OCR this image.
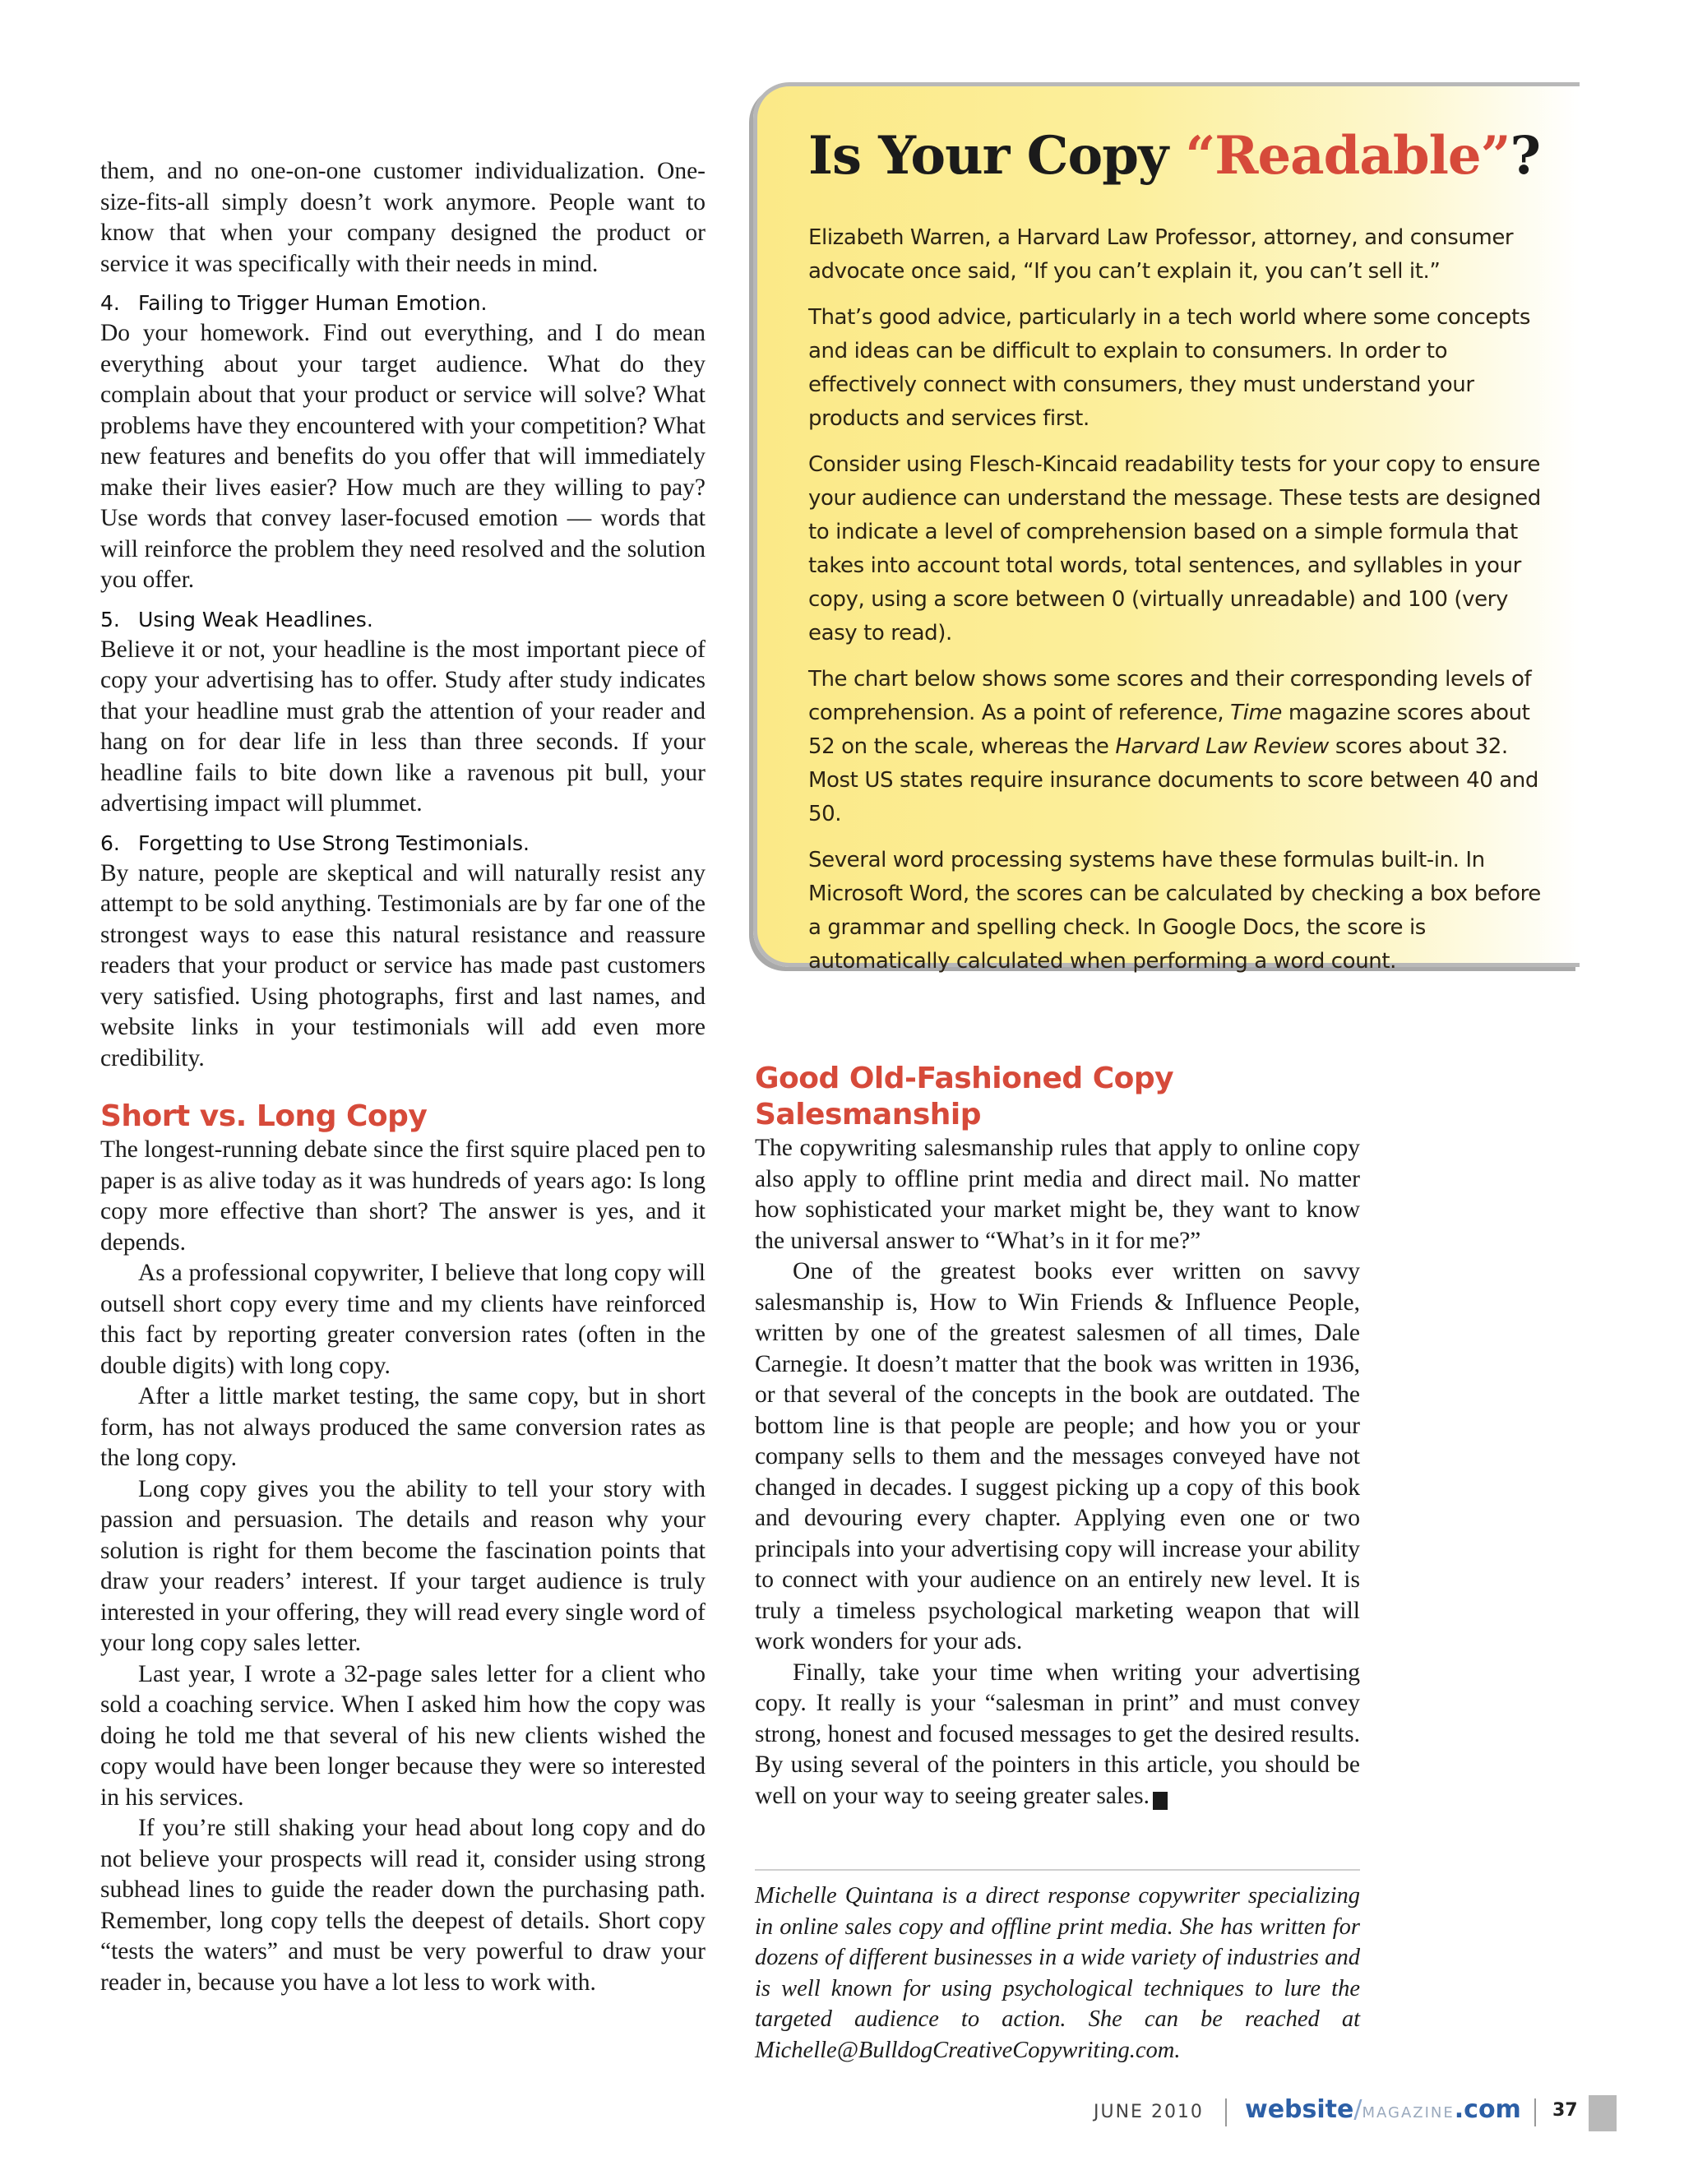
them, and no one-on-one customer individualization. One-size-fits-all simply doesn’t work anymore. People want to know that when your company designed the product or service it was specifically with their needs in mind.

4. Failing to Trigger Human Emotion.

Do your homework. Find out everything, and I do mean everything about your target audience. What do they complain about that your product or service will solve? What problems have they encountered with your competition? What new features and benefits do you offer that will immediately make their lives easier? How much are they willing to pay? Use words that convey laser-focused emotion — words that will reinforce the problem they need resolved and the solution you offer.

5. Using Weak Headlines.

Believe it or not, your headline is the most important piece of copy your advertising has to offer. Study after study indicates that your headline must grab the attention of your reader and hang on for dear life in less than three seconds. If your headline fails to bite down like a ravenous pit bull, your advertising impact will plummet.

6. Forgetting to Use Strong Testimonials.

By nature, people are skeptical and will naturally resist any attempt to be sold anything. Testimonials are by far one of the strongest ways to ease this natural resistance and reassure readers that your product or service has made past customers very satisfied. Using photographs, first and last names, and website links in your testimonials will add even more credibility.

Short vs. Long Copy

The longest-running debate since the first squire placed pen to paper is as alive today as it was hundreds of years ago: Is long copy more effective than short? The answer is yes, and it depends.

As a professional copywriter, I believe that long copy will outsell short copy every time and my clients have reinforced this fact by reporting greater conversion rates (often in the double digits) with long copy.

After a little market testing, the same copy, but in short form, has not always produced the same conversion rates as the long copy.

Long copy gives you the ability to tell your story with passion and persuasion. The details and reason why your solution is right for them become the fascination points that draw your readers’ interest. If your target audience is truly interested in your offering, they will read every single word of your long copy sales letter.

Last year, I wrote a 32-page sales letter for a client who sold a coaching service. When I asked him how the copy was doing he told me that several of his new clients wished the copy would have been longer because they were so interested in his services.

If you’re still shaking your head about long copy and do not believe your prospects will read it, consider using strong subhead lines to guide the reader down the purchasing path. Remember, long copy tells the deepest of details. Short copy “tests the waters” and must be very powerful to draw your reader in, because you have a lot less to work with.

Is Your Copy “Readable”?

Elizabeth Warren, a Harvard Law Professor, attorney, and consumer advocate once said, “If you can’t explain it, you can’t sell it.”

That’s good advice, particularly in a tech world where some concepts and ideas can be difficult to explain to consumers. In order to effectively connect with consumers, they must understand your products and services first.

Consider using Flesch-Kincaid readability tests for your copy to ensure your audience can understand the message. These tests are designed to indicate a level of comprehension based on a simple formula that takes into account total words, total sentences, and syllables in your copy, using a score between 0 (virtually unreadable) and 100 (very easy to read).

The chart below shows some scores and their corresponding levels of comprehension. As a point of reference, Time magazine scores about 52 on the scale, whereas the Harvard Law Review scores about 32. Most US states require insurance documents to score between 40 and 50.

Several word processing systems have these formulas built-in. In Microsoft Word, the scores can be calculated by checking a box before a grammar and spelling check. In Google Docs, the score is automatically calculated when performing a word count.

Good Old-Fashioned Copy Salesmanship

The copywriting salesmanship rules that apply to online copy also apply to offline print media and direct mail. No matter how sophisticated your market might be, they want to know the universal answer to “What’s in it for me?”

One of the greatest books ever written on savvy salesmanship is, How to Win Friends & Influence People, written by one of the greatest salesmen of all times, Dale Carnegie. It doesn’t matter that the book was written in 1936, or that several of the concepts in the book are outdated. The bottom line is that people are people; and how you or your company sells to them and the messages conveyed have not changed in decades. I suggest picking up a copy of this book and devouring every chapter. Applying even one or two principals into your advertising copy will increase your ability to connect with your audience on an entirely new level. It is truly a timeless psychological marketing weapon that will work wonders for your ads.

Finally, take your time when writing your advertising copy. It really is your “salesman in print” and must convey strong, honest and focused messages to get the desired results. By using several of the pointers in this article, you should be well on your way to seeing greater sales.	i

Michelle Quintana is a direct response copywriter specializing in online sales copy and offline print media. She has written for dozens of different businesses in a wide variety of industries and is well known for using psychological techniques to lure the targeted audience to action. She can be reached at Michelle@BulldogCreativeCopywriting.com.

JUNE 2010 website/MAGAZINE.com 37
